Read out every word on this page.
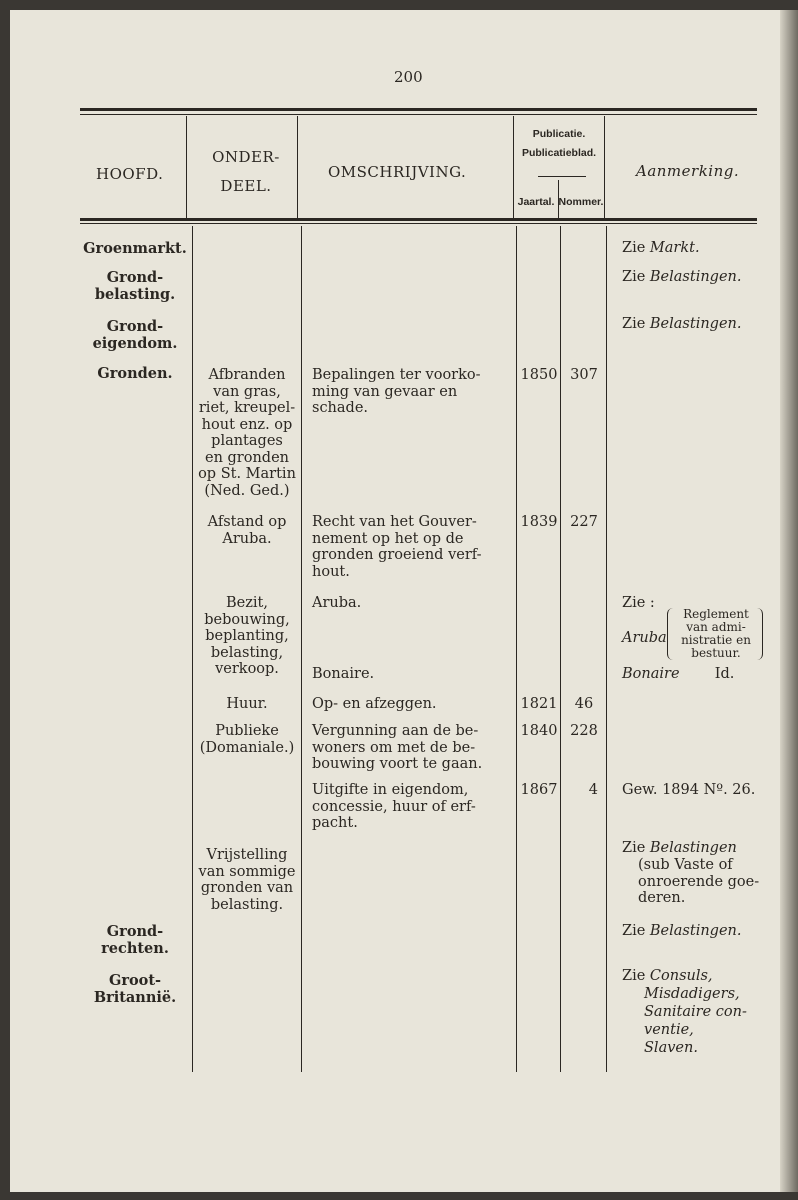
200
HOOFD.
ONDER-
DEEL.
OMSCHRIJVING.
Publicatie.
Publicatieblad.
Jaartal. Nommer.
Aanmerking.
Groenmarkt.
Grond-
belasting.
Grond-
eigendom.
Gronden.
Grond-
rechten.
Groot-
Britannië.
Afbranden
van gras,
riet, kreupel-
hout enz. op
plantages
en gronden
op St. Martin
(Ned. Ged.)
Afstand op
Aruba.
Bezit,
bebouwing,
beplanting,
belasting,
verkoop.
Huur.
Publieke
(Domaniale.)
Vrijstelling
van sommige
gronden van
belasting.
Bepalingen ter voorko-
ming van gevaar en
schade.
Recht van het Gouver-
nement op het op de
gronden groeiend verf-
hout.
Aruba.
Bonaire.
Op- en afzeggen.
Vergunning aan de be-
woners om met de be-
bouwing voort te gaan.
Uitgifte in eigendom,
concessie, huur of erf-
pacht.
1850 307
1839 227
1821	46
1840 228
1867	4
Zie Markt.
Zie Belastingen.
Zie Belastingen.
Zie :
Aruba
Reglement
van admi-
nistratie en
bestuur.
Bonaire Id.
Gew. 1894 Nº. 26.
Zie Belastingen
(sub Vaste of
onroerende goe-
deren.
Zie Belastingen.
Zie Consuls,
Misdadigers,
Sanitaire con-
ventie,
Slaven.
